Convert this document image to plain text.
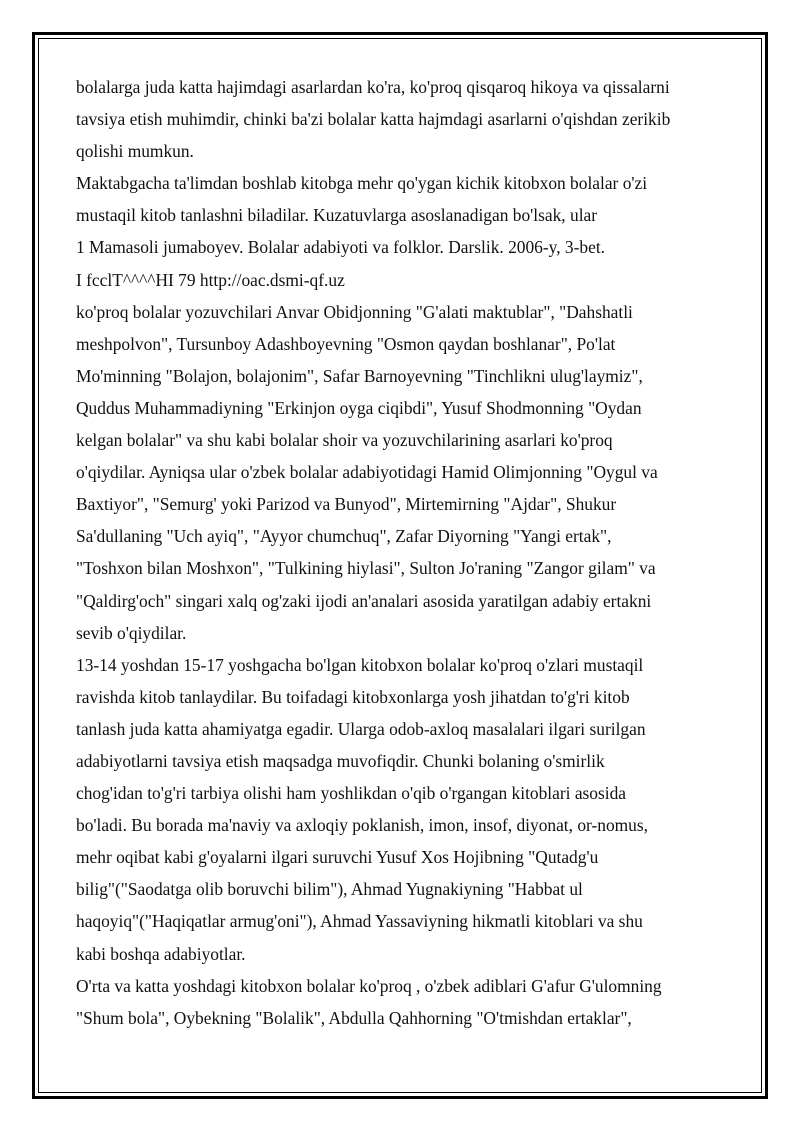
bolalarga juda katta hajimdagi asarlardan ko'ra, ko'proq qisqaroq hikoya va qissalarni
tavsiya etish muhimdir, chinki ba'zi bolalar katta hajmdagi asarlarni o'qishdan zerikib
qolishi mumkun.
Maktabgacha ta'limdan boshlab kitobga mehr qo'ygan kichik kitobxon bolalar o'zi
mustaqil kitob tanlashni biladilar. Kuzatuvlarga asoslanadigan bo'lsak, ular
1 Mamasoli jumaboyev. Bolalar adabiyoti va folklor. Darslik. 2006-y, 3-bet.
I fcclT^^^^HI 79 http://oac.dsmi-qf.uz
ko'proq bolalar yozuvchilari Anvar Obidjonning "G'alati maktublar", "Dahshatli
meshpolvon", Tursunboy Adashboyevning "Osmon qaydan boshlanar", Po'lat
Mo'minning "Bolajon, bolajonim", Safar Barnoyevning "Tinchlikni ulug'laymiz",
Quddus Muhammadiyning "Erkinjon oyga ciqibdi", Yusuf Shodmonning "Oydan
kelgan bolalar" va shu kabi bolalar shoir va yozuvchilarining asarlari ko'proq
o'qiydilar. Ayniqsa ular o'zbek bolalar adabiyotidagi Hamid Olimjonning "Oygul va
Baxtiyor", "Semurg' yoki Parizod va Bunyod", Mirtemirning "Ajdar", Shukur
Sa'dullaning "Uch ayiq", "Ayyor chumchuq", Zafar Diyorning "Yangi ertak",
"Toshxon bilan Moshxon", "Tulkining hiylasi", Sulton Jo'raning "Zangor gilam" va
"Qaldirg'och" singari xalq og'zaki ijodi an'analari asosida yaratilgan adabiy ertakni
sevib o'qiydilar.
13-14 yoshdan 15-17 yoshgacha bo'lgan kitobxon bolalar ko'proq o'zlari mustaqil
ravishda kitob tanlaydilar. Bu toifadagi kitobxonlarga yosh jihatdan to'g'ri kitob
tanlash juda katta ahamiyatga egadir. Ularga odob-axloq masalalari ilgari surilgan
adabiyotlarni tavsiya etish maqsadga muvofiqdir. Chunki bolaning o'smirlik
chog'idan to'g'ri tarbiya olishi ham yoshlikdan o'qib o'rgangan kitoblari asosida
bo'ladi. Bu borada ma'naviy va axloqiy poklanish, imon, insof, diyonat, or-nomus,
mehr oqibat kabi g'oyalarni ilgari suruvchi Yusuf Xos Hojibning "Qutadg'u
bilig"("Saodatga olib boruvchi bilim"), Ahmad Yugnakiyning "Habbat ul
haqoyiq"("Haqiqatlar armug'oni"), Ahmad Yassaviyning hikmatli kitoblari va shu
kabi boshqa adabiyotlar.
O'rta va katta yoshdagi kitobxon bolalar ko'proq , o'zbek adiblari G'afur G'ulomning
"Shum bola", Oybekning "Bolalik", Abdulla Qahhorning "O'tmishdan ertaklar",
